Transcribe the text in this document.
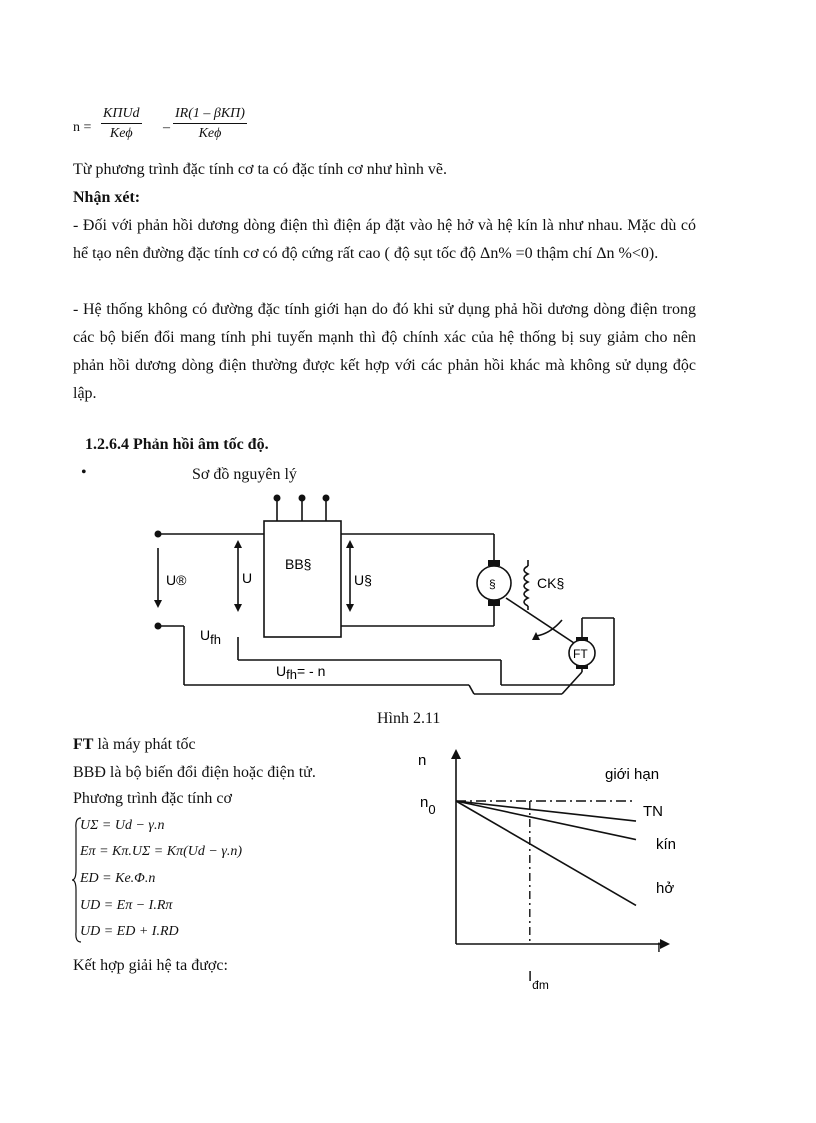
n =
KΠUd
Keϕ	–
IR(1 – βKΠ)
Keϕ
Từ phương trình đặc tính cơ ta có đặc tính cơ như hình vẽ.
Nhận xét:
- Đối với phản hồi dương dòng điện thì điện áp đặt vào hệ hở và hệ kín là như nhau. Mặc dù có hể tạo nên đường đặc tính cơ có độ cứng rất cao ( độ sụt tốc độ Δn% =0 thậm chí Δn %<0).
- Hệ thống không có đường đặc tính giới hạn do đó khi sử dụng phả hồi dương dòng điện trong các bộ biến đổi mang tính phi tuyến mạnh thì độ chính xác của hệ thống bị suy giảm cho nên phản hồi dương dòng điện thường được kết hợp với các phản hồi khác mà không sử dụng độc lập.
1.2.6.4 Phản hồi âm tốc độ.
•	Sơ đồ nguyên lý
BB§
U®	U	U§	§	CK§
FT
Ufh
Ufh= - n
Hình 2.11
FT là máy phát tốc
BBĐ là bộ biến đổi điện hoặc điện tử.
Phương trình đặc tính cơ
UΣ = Ud − γ.n
Eπ = Kπ.UΣ = Kπ(Ud − γ.n)
ED = Ke.Φ.n
UD = Eπ − I.Rπ
UD = ED + I.RD
Kết hợp giải hệ ta được:
n
I
n0
$I_{đm}$
giới hạn
TN
kín
hở
